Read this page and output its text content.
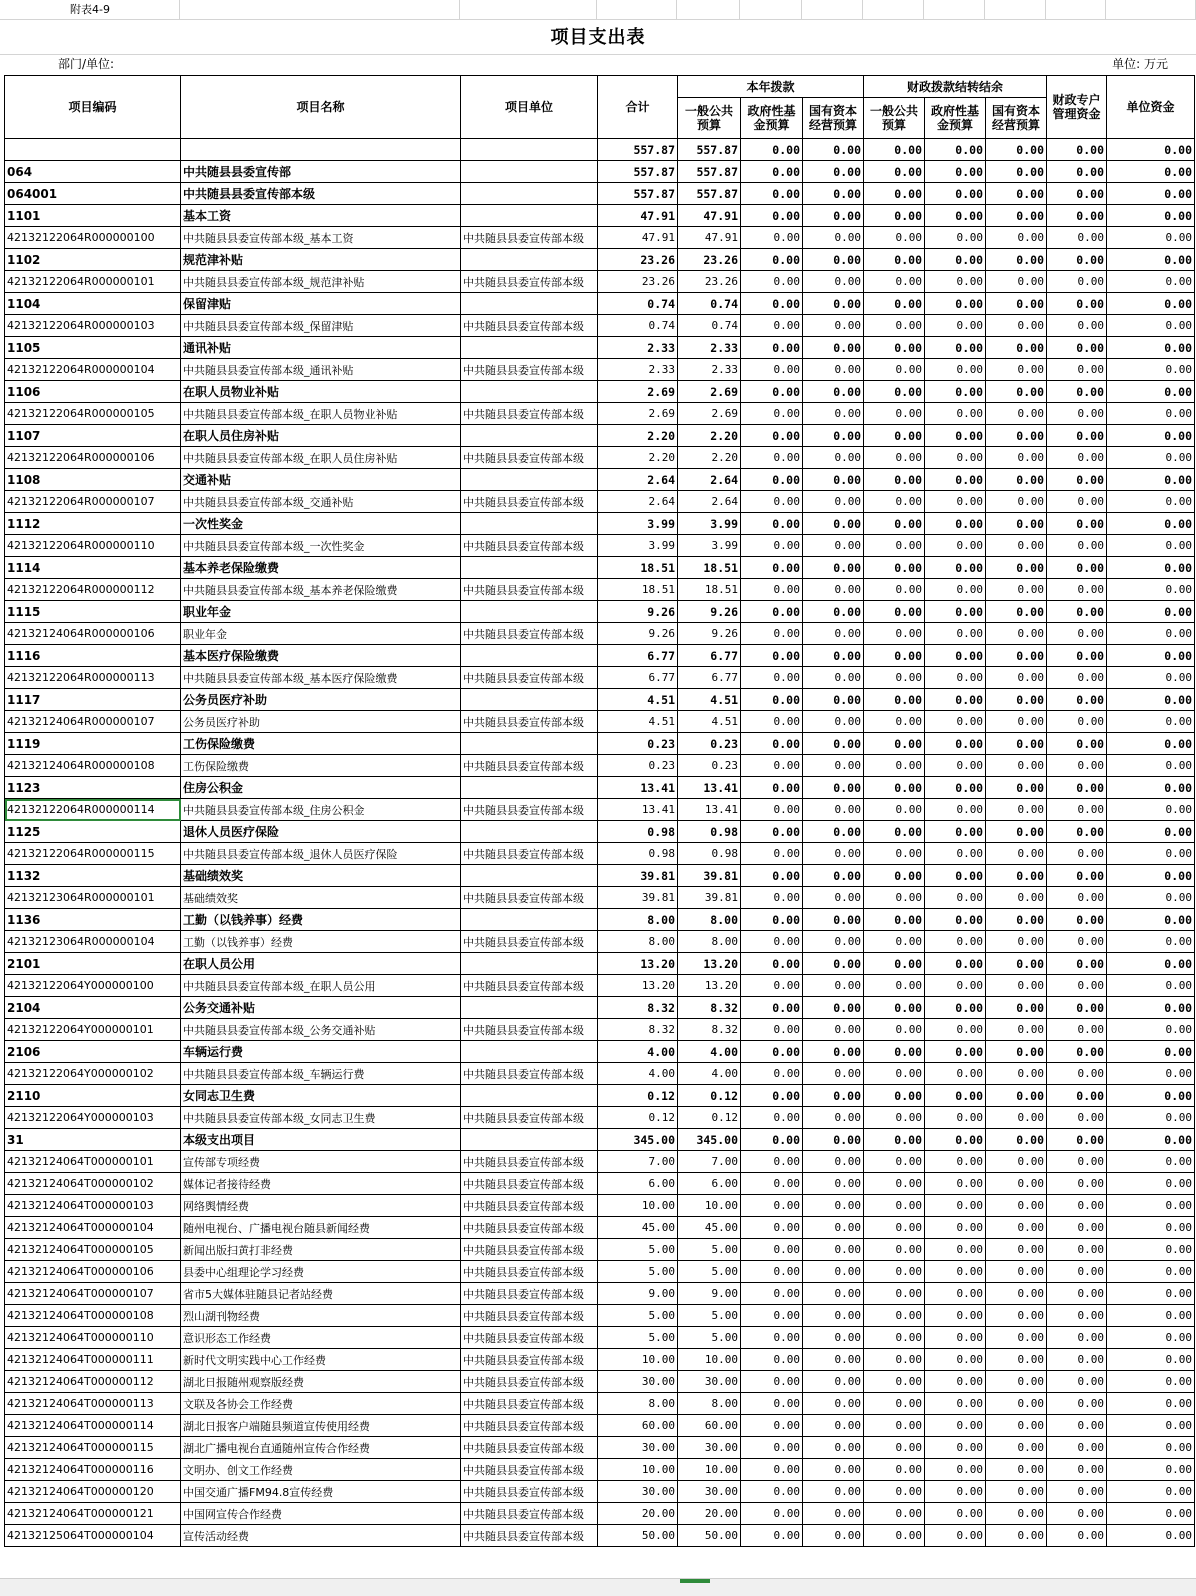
附表4-9
项目支出表
部门/单位:	单位: 万元
项目编码	项目名称	项目单位	合计	本年拨款			财政拨款结转结余			财政专户管理资金	单位资金
				一般公共预算	政府性基金预算	国有资本经营预算	一般公共预算	政府性基金预算	国有资本经营预算		
			557.87	557.87	0.00	0.00	0.00	0.00	0.00	0.00	0.00
064	中共随县县委宣传部		557.87	557.87	0.00	0.00	0.00	0.00	0.00	0.00	0.00
064001	中共随县县委宣传部本级		557.87	557.87	0.00	0.00	0.00	0.00	0.00	0.00	0.00
1101	基本工资		47.91	47.91	0.00	0.00	0.00	0.00	0.00	0.00	0.00
42132122064R000000100	中共随县县委宣传部本级_基本工资	中共随县县委宣传部本级	47.91	47.91	0.00	0.00	0.00	0.00	0.00	0.00	0.00
1102	规范津补贴		23.26	23.26	0.00	0.00	0.00	0.00	0.00	0.00	0.00
42132122064R000000101	中共随县县委宣传部本级_规范津补贴	中共随县县委宣传部本级	23.26	23.26	0.00	0.00	0.00	0.00	0.00	0.00	0.00
1104	保留津贴		0.74	0.74	0.00	0.00	0.00	0.00	0.00	0.00	0.00
42132122064R000000103	中共随县县委宣传部本级_保留津贴	中共随县县委宣传部本级	0.74	0.74	0.00	0.00	0.00	0.00	0.00	0.00	0.00
1105	通讯补贴		2.33	2.33	0.00	0.00	0.00	0.00	0.00	0.00	0.00
42132122064R000000104	中共随县县委宣传部本级_通讯补贴	中共随县县委宣传部本级	2.33	2.33	0.00	0.00	0.00	0.00	0.00	0.00	0.00
1106	在职人员物业补贴		2.69	2.69	0.00	0.00	0.00	0.00	0.00	0.00	0.00
42132122064R000000105	中共随县县委宣传部本级_在职人员物业补贴	中共随县县委宣传部本级	2.69	2.69	0.00	0.00	0.00	0.00	0.00	0.00	0.00
1107	在职人员住房补贴		2.20	2.20	0.00	0.00	0.00	0.00	0.00	0.00	0.00
42132122064R000000106	中共随县县委宣传部本级_在职人员住房补贴	中共随县县委宣传部本级	2.20	2.20	0.00	0.00	0.00	0.00	0.00	0.00	0.00
1108	交通补贴		2.64	2.64	0.00	0.00	0.00	0.00	0.00	0.00	0.00
42132122064R000000107	中共随县县委宣传部本级_交通补贴	中共随县县委宣传部本级	2.64	2.64	0.00	0.00	0.00	0.00	0.00	0.00	0.00
1112	一次性奖金		3.99	3.99	0.00	0.00	0.00	0.00	0.00	0.00	0.00
42132122064R000000110	中共随县县委宣传部本级_一次性奖金	中共随县县委宣传部本级	3.99	3.99	0.00	0.00	0.00	0.00	0.00	0.00	0.00
1114	基本养老保险缴费		18.51	18.51	0.00	0.00	0.00	0.00	0.00	0.00	0.00
42132122064R000000112	中共随县县委宣传部本级_基本养老保险缴费	中共随县县委宣传部本级	18.51	18.51	0.00	0.00	0.00	0.00	0.00	0.00	0.00
1115	职业年金		9.26	9.26	0.00	0.00	0.00	0.00	0.00	0.00	0.00
42132124064R000000106	职业年金	中共随县县委宣传部本级	9.26	9.26	0.00	0.00	0.00	0.00	0.00	0.00	0.00
1116	基本医疗保险缴费		6.77	6.77	0.00	0.00	0.00	0.00	0.00	0.00	0.00
42132122064R000000113	中共随县县委宣传部本级_基本医疗保险缴费	中共随县县委宣传部本级	6.77	6.77	0.00	0.00	0.00	0.00	0.00	0.00	0.00
1117	公务员医疗补助		4.51	4.51	0.00	0.00	0.00	0.00	0.00	0.00	0.00
42132124064R000000107	公务员医疗补助	中共随县县委宣传部本级	4.51	4.51	0.00	0.00	0.00	0.00	0.00	0.00	0.00
1119	工伤保险缴费		0.23	0.23	0.00	0.00	0.00	0.00	0.00	0.00	0.00
42132124064R000000108	工伤保险缴费	中共随县县委宣传部本级	0.23	0.23	0.00	0.00	0.00	0.00	0.00	0.00	0.00
1123	住房公积金		13.41	13.41	0.00	0.00	0.00	0.00	0.00	0.00	0.00
42132122064R000000114	中共随县县委宣传部本级_住房公积金	中共随县县委宣传部本级	13.41	13.41	0.00	0.00	0.00	0.00	0.00	0.00	0.00
1125	退休人员医疗保险		0.98	0.98	0.00	0.00	0.00	0.00	0.00	0.00	0.00
42132122064R000000115	中共随县县委宣传部本级_退休人员医疗保险	中共随县县委宣传部本级	0.98	0.98	0.00	0.00	0.00	0.00	0.00	0.00	0.00
1132	基础绩效奖		39.81	39.81	0.00	0.00	0.00	0.00	0.00	0.00	0.00
42132123064R000000101	基础绩效奖	中共随县县委宣传部本级	39.81	39.81	0.00	0.00	0.00	0.00	0.00	0.00	0.00
1136	工勤（以钱养事）经费		8.00	8.00	0.00	0.00	0.00	0.00	0.00	0.00	0.00
42132123064R000000104	工勤（以钱养事）经费	中共随县县委宣传部本级	8.00	8.00	0.00	0.00	0.00	0.00	0.00	0.00	0.00
2101	在职人员公用		13.20	13.20	0.00	0.00	0.00	0.00	0.00	0.00	0.00
42132122064Y000000100	中共随县县委宣传部本级_在职人员公用	中共随县县委宣传部本级	13.20	13.20	0.00	0.00	0.00	0.00	0.00	0.00	0.00
2104	公务交通补贴		8.32	8.32	0.00	0.00	0.00	0.00	0.00	0.00	0.00
42132122064Y000000101	中共随县县委宣传部本级_公务交通补贴	中共随县县委宣传部本级	8.32	8.32	0.00	0.00	0.00	0.00	0.00	0.00	0.00
2106	车辆运行费		4.00	4.00	0.00	0.00	0.00	0.00	0.00	0.00	0.00
42132122064Y000000102	中共随县县委宣传部本级_车辆运行费	中共随县县委宣传部本级	4.00	4.00	0.00	0.00	0.00	0.00	0.00	0.00	0.00
2110	女同志卫生费		0.12	0.12	0.00	0.00	0.00	0.00	0.00	0.00	0.00
42132122064Y000000103	中共随县县委宣传部本级_女同志卫生费	中共随县县委宣传部本级	0.12	0.12	0.00	0.00	0.00	0.00	0.00	0.00	0.00
31	本级支出项目		345.00	345.00	0.00	0.00	0.00	0.00	0.00	0.00	0.00
42132124064T000000101	宣传部专项经费	中共随县县委宣传部本级	7.00	7.00	0.00	0.00	0.00	0.00	0.00	0.00	0.00
42132124064T000000102	媒体记者接待经费	中共随县县委宣传部本级	6.00	6.00	0.00	0.00	0.00	0.00	0.00	0.00	0.00
42132124064T000000103	网络舆情经费	中共随县县委宣传部本级	10.00	10.00	0.00	0.00	0.00	0.00	0.00	0.00	0.00
42132124064T000000104	随州电视台、广播电视台随县新闻经费	中共随县县委宣传部本级	45.00	45.00	0.00	0.00	0.00	0.00	0.00	0.00	0.00
42132124064T000000105	新闻出版扫黄打非经费	中共随县县委宣传部本级	5.00	5.00	0.00	0.00	0.00	0.00	0.00	0.00	0.00
42132124064T000000106	县委中心组理论学习经费	中共随县县委宣传部本级	5.00	5.00	0.00	0.00	0.00	0.00	0.00	0.00	0.00
42132124064T000000107	省市5大媒体驻随县记者站经费	中共随县县委宣传部本级	9.00	9.00	0.00	0.00	0.00	0.00	0.00	0.00	0.00
42132124064T000000108	烈山湖刊物经费	中共随县县委宣传部本级	5.00	5.00	0.00	0.00	0.00	0.00	0.00	0.00	0.00
42132124064T000000110	意识形态工作经费	中共随县县委宣传部本级	5.00	5.00	0.00	0.00	0.00	0.00	0.00	0.00	0.00
42132124064T000000111	新时代文明实践中心工作经费	中共随县县委宣传部本级	10.00	10.00	0.00	0.00	0.00	0.00	0.00	0.00	0.00
42132124064T000000112	湖北日报随州观察版经费	中共随县县委宣传部本级	30.00	30.00	0.00	0.00	0.00	0.00	0.00	0.00	0.00
42132124064T000000113	文联及各协会工作经费	中共随县县委宣传部本级	8.00	8.00	0.00	0.00	0.00	0.00	0.00	0.00	0.00
42132124064T000000114	湖北日报客户端随县频道宣传使用经费	中共随县县委宣传部本级	60.00	60.00	0.00	0.00	0.00	0.00	0.00	0.00	0.00
42132124064T000000115	湖北广播电视台直通随州宣传合作经费	中共随县县委宣传部本级	30.00	30.00	0.00	0.00	0.00	0.00	0.00	0.00	0.00
42132124064T000000116	文明办、创文工作经费	中共随县县委宣传部本级	10.00	10.00	0.00	0.00	0.00	0.00	0.00	0.00	0.00
42132124064T000000120	中国交通广播FM94.8宣传经费	中共随县县委宣传部本级	30.00	30.00	0.00	0.00	0.00	0.00	0.00	0.00	0.00
42132124064T000000121	中国网宣传合作经费	中共随县县委宣传部本级	20.00	20.00	0.00	0.00	0.00	0.00	0.00	0.00	0.00
42132125064T000000104	宣传活动经费	中共随县县委宣传部本级	50.00	50.00	0.00	0.00	0.00	0.00	0.00	0.00	0.00
